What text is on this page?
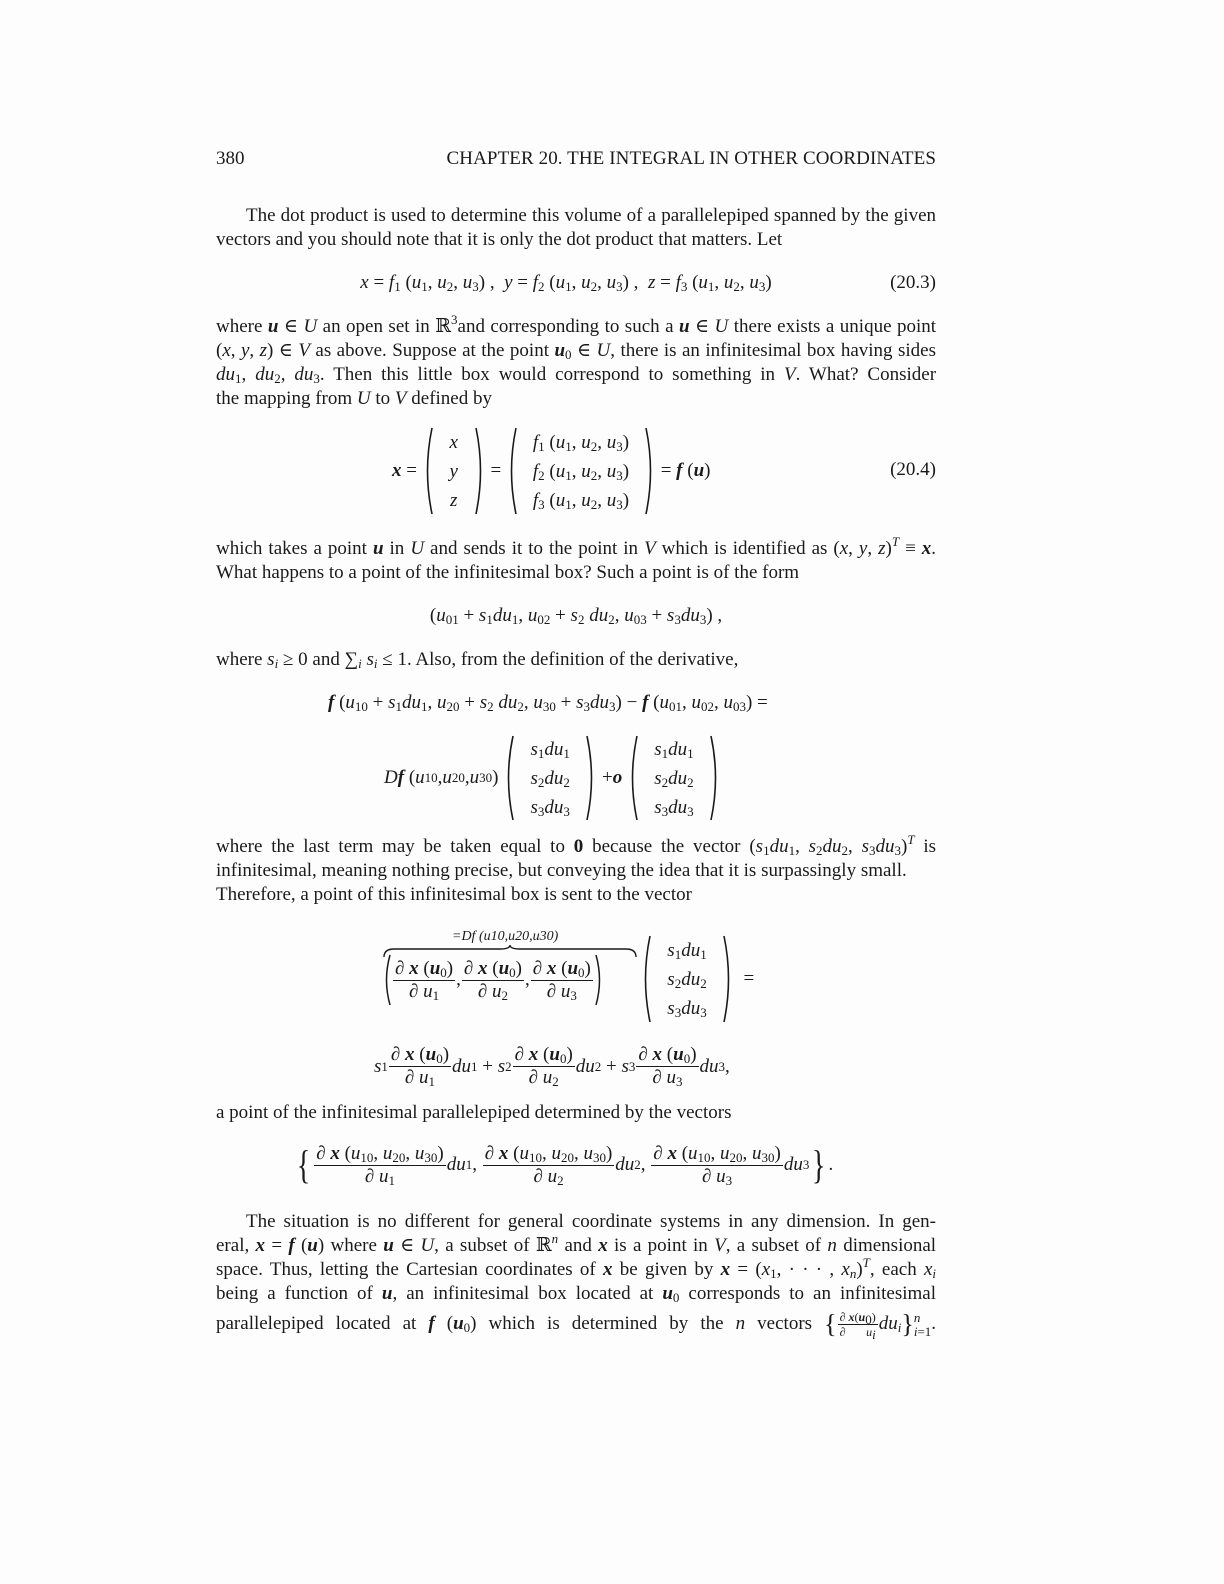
380	CHAPTER 20. THE INTEGRAL IN OTHER COORDINATES
The dot product is used to determine this volume of a parallelepiped spanned by the given vectors and you should note that it is only the dot product that matters. Let
$x = f_1$ ($u_1$, $u_2$, $u_3$) ,  $y = f_2$ ($u_1$, $u_2$, $u_3$) ,  $z = f_3$ ($u_1$, $u_2$, $u_3$)	(20.3)
where u ∈ U an open set in ℝ$^3$and corresponding to such a u ∈ U there exists a unique point
(x, y, z) ∈ V as above. Suppose at the point $u_0$ ∈ U, there is an infinitesimal box having sides
$du_1$, $du_2$, $du_3$. Then this little box would correspond to something in V. What? Consider
the mapping from U to V defined by
x =
x
y
z
=
$f_1$ ($u_1$, $u_2$, $u_3$)
$f_2$ ($u_1$, $u_2$, $u_3$)
$f_3$ ($u_1$, $u_2$, $u_3$)
= f ( u )	(20.4)
which takes a point u in U and sends it to the point in V which is identified as (x, y, z)$^T$ ≡ x.
What happens to a point of the infinitesimal box? Such a point is of the form
($u_{01} + s_1du_1$, $u_{02} + s_2$ $du_2$, $u_{03} + s_3du_3$) ,
where $s_i \ge 0$ and $\sum_i$ $s_i \le 1$. Also, from the definition of the derivative,
f ($u_{10} + s_1du_1$, $u_{20} + s_2$ $du_2$, $u_{30} + s_3du_3) - f$ ($u_{01}$, $u_{02}$, $u_{03}$) =
D f ( u 10 , u 20 , u 30 )
$s_1du_1$
$s_2du_2$
$s_3du_3$
+ o

$s_1du_1$
$s_2du_2$
$s_3du_3$
where the last term may be taken equal to 0 because the vector ($s_1du_1$, $s_2du_2$, $s_3du_3)^T$ is
infinitesimal, meaning nothing precise, but conveying the idea that it is surpassingly small.
Therefore, a point of this infinitesimal box is sent to the vector
=Df (u10,u20,u30)
$\frac{\partial x (u_0)}{\partial u_1}$ , $\frac{\partial x (u_0)}{\partial u_2}$ , $\frac{\partial x (u_0)}{\partial u_3}$
$s_1du_1$
$s_2du_2$
$s_3du_3$
=
s $1 \frac{\partial x (u_0)}{\partial u_1}$ du 1 + s $2 \frac{\partial x (u_0)}{\partial u_2}$ du 2 + s $3 \frac{\partial x (u_0)}{\partial u_3}$ du 3 ,
a point of the infinitesimal parallelepiped determined by the vectors
{ $\frac{\partial x (u_{10}, u_{20}, u_{30})}{\partial u_1}$ du 1 , $\frac{\partial x (u_{10}, u_{20}, u_{30})}{\partial u_2}$ du 2 , $\frac{\partial x (u_{10}, u_{20}, u_{30})}{\partial u_3}$ du 3 } .
The situation is no different for general coordinate systems in any dimension. In gen-
eral, x = f (u) where u ∈ U, a subset of ℝ$^n$ and x is a point in V, a subset of n dimensional
space. Thus, letting the Cartesian coordinates of x be given by $x = (x_1$, · · · , $x_n)^T$, each $x_i$
being a function of u, an infinitesimal box located at $u_0$ corresponds to an infinitesimal
parallelepiped located at f $(u_0)$ which is determined by the n vectors { $\frac{\partial x(u_0)}{\partial u_i} du_i\}n$
i=1.
